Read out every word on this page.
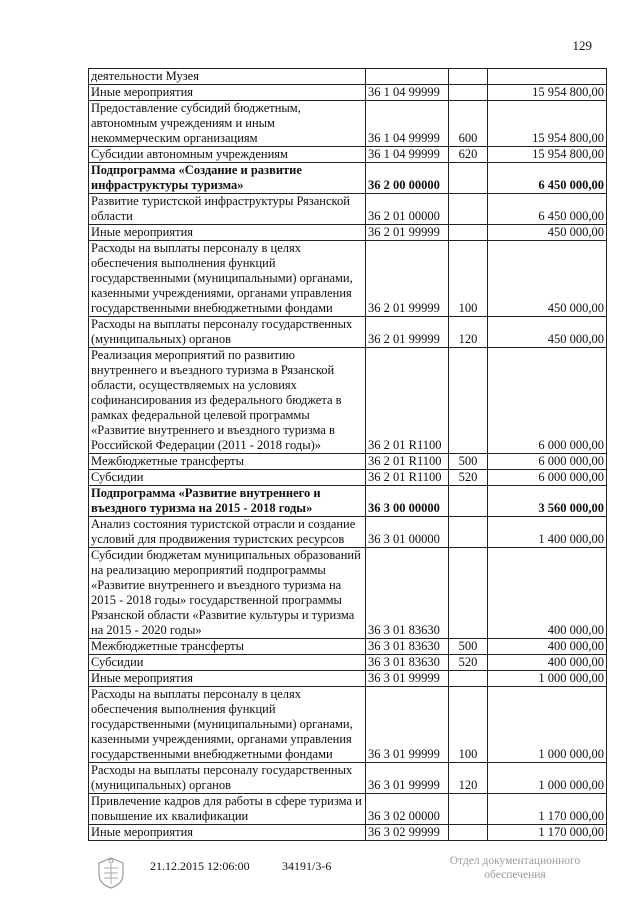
129
деятельности Музея			
Иные мероприятия	36 1 04 99999		15 954 800,00
Предоставление субсидий бюджетным, автономным учреждениям и иным некоммерческим организациям	36 1 04 99999	600	15 954 800,00
Субсидии автономным учреждениям	36 1 04 99999	620	15 954 800,00
Подпрограмма «Создание и развитие инфраструктуры туризма»	36 2 00 00000		6 450 000,00
Развитие туристской инфраструктуры Рязанской области	36 2 01 00000		6 450 000,00
Иные мероприятия	36 2 01 99999		450 000,00
Расходы на выплаты персоналу в целях обеспечения выполнения функций государственными (муниципальными) органами, казенными учреждениями, органами управления государственными внебюджетными фондами	36 2 01 99999	100	450 000,00
Расходы на выплаты персоналу государственных (муниципальных) органов	36 2 01 99999	120	450 000,00
Реализация мероприятий по развитию внутреннего и въездного туризма в Рязанской области, осуществляемых на условиях софинансирования из федерального бюджета в рамках федеральной целевой программы «Развитие внутреннего и въездного туризма в Российской Федерации (2011 - 2018 годы)»	36 2 01 R1100		6 000 000,00
Межбюджетные трансферты	36 2 01 R1100	500	6 000 000,00
Субсидии	36 2 01 R1100	520	6 000 000,00
Подпрограмма «Развитие внутреннего и въездного туризма на 2015 - 2018 годы»	36 3 00 00000		3 560 000,00
Анализ состояния туристской отрасли и создание условий для продвижения туристских ресурсов	36 3 01 00000		1 400 000,00
Субсидии бюджетам муниципальных образований на реализацию мероприятий подпрограммы «Развитие внутреннего и въездного туризма на 2015 - 2018 годы» государственной программы Рязанской области «Развитие культуры и туризма на 2015 - 2020 годы»	36 3 01 83630		400 000,00
Межбюджетные трансферты	36 3 01 83630	500	400 000,00
Субсидии	36 3 01 83630	520	400 000,00
Иные мероприятия	36 3 01 99999		1 000 000,00
Расходы на выплаты персоналу в целях обеспечения выполнения функций государственными (муниципальными) органами, казенными учреждениями, органами управления государственными внебюджетными фондами	36 3 01 99999	100	1 000 000,00
Расходы на выплаты персоналу государственных (муниципальных) органов	36 3 01 99999	120	1 000 000,00
Привлечение кадров для работы в сфере туризма и повышение их квалификации	36 3 02 00000		1 170 000,00
Иные мероприятия	36 3 02 99999		1 170 000,00
21.12.2015 12:06:00	34191/3-6	Отдел документационного
обеспечения
